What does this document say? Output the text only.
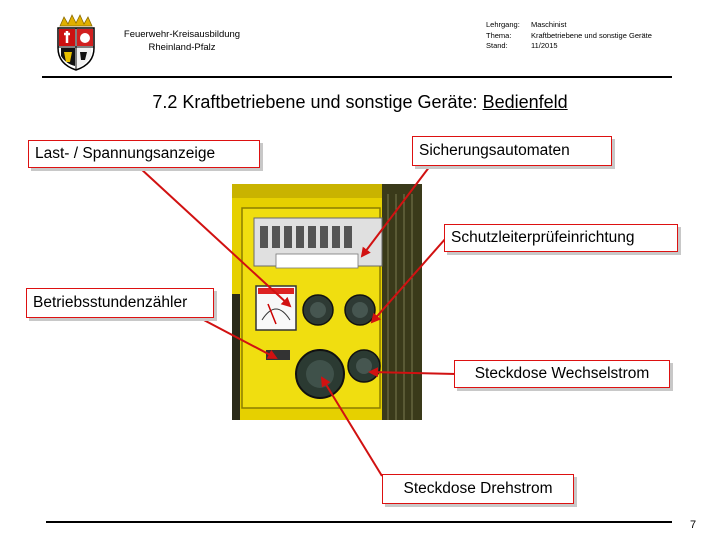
Feuerwehr-Kreisausbildung
Rheinland-Pfalz
Lehrgang:	Maschinist
Thema:	Kraftbetriebene und sonstige Geräte
Stand:	11/2015
7.2 Kraftbetriebene und sonstige Geräte: Bedienfeld
Last- / Spannungsanzeige	Sicherungsautomaten
Schutzleiterprüfeinrichtung
Betriebsstundenzähler
Steckdose Wechselstrom
Steckdose Drehstrom
7
